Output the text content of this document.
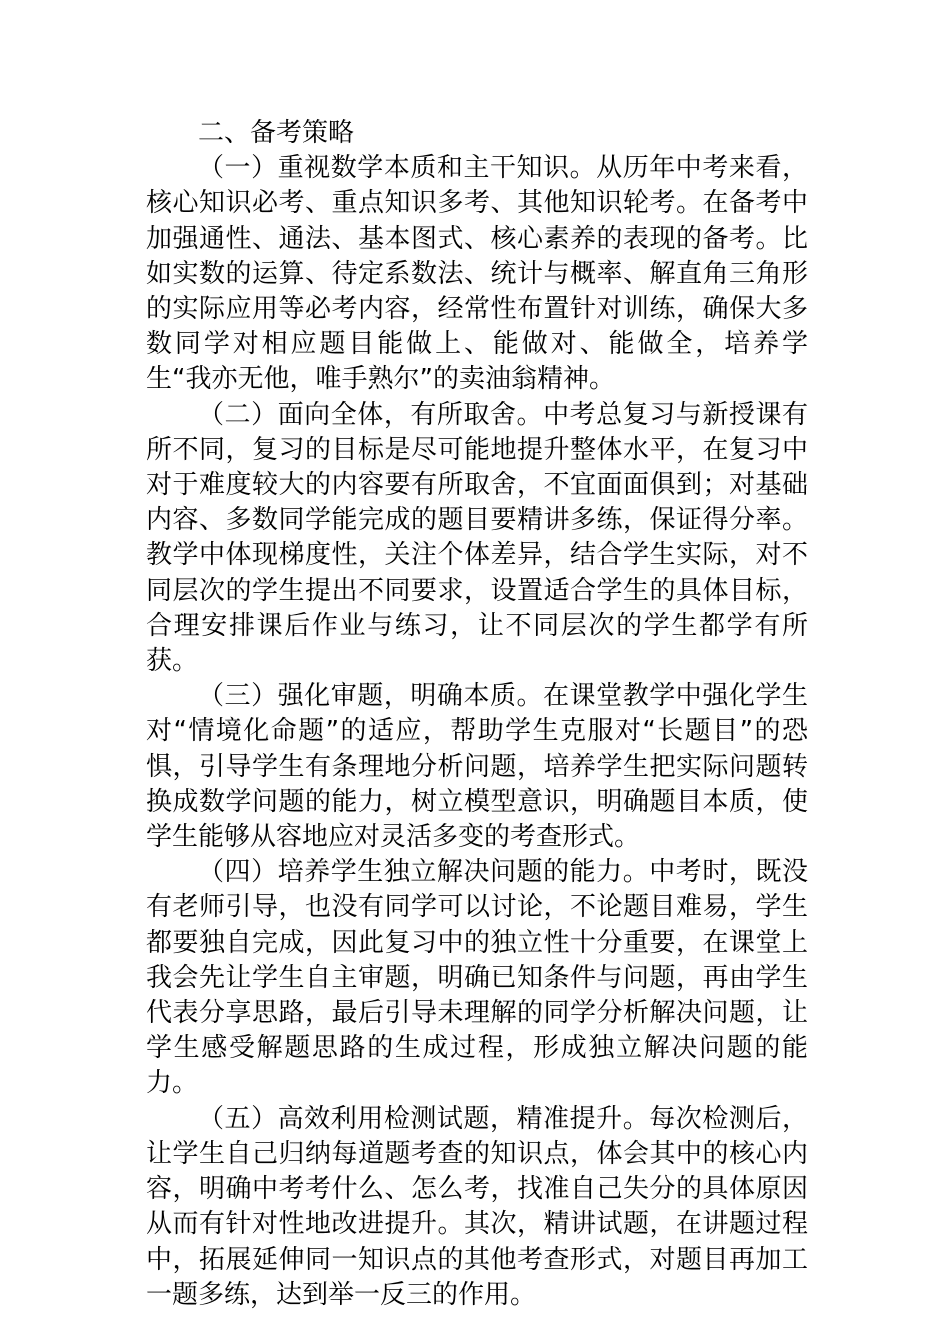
二、备考策略

（一）重视数学本质和主干知识。从历年中考来看，核心知识必考、重点知识多考、其他知识轮考。在备考中加强通性、通法、基本图式、核心素养的表现的备考。比如实数的运算、待定系数法、统计与概率、解直角三角形的实际应用等必考内容，经常性布置针对训练，确保大多数同学对相应题目能做上、能做对、能做全，培养学生“我亦无他，唯手熟尔”的卖油翁精神。

（二）面向全体，有所取舍。中考总复习与新授课有所不同，复习的目标是尽可能地提升整体水平，在复习中对于难度较大的内容要有所取舍，不宜面面俱到；对基础内容、多数同学能完成的题目要精讲多练，保证得分率。教学中体现梯度性，关注个体差异，结合学生实际，对不同层次的学生提出不同要求，设置适合学生的具体目标，合理安排课后作业与练习，让不同层次的学生都学有所获。

（三）强化审题，明确本质。在课堂教学中强化学生对“情境化命题”的适应，帮助学生克服对“长题目”的恐惧，引导学生有条理地分析问题，培养学生把实际问题转换成数学问题的能力，树立模型意识，明确题目本质，使学生能够从容地应对灵活多变的考查形式。

（四）培养学生独立解决问题的能力。中考时，既没有老师引导，也没有同学可以讨论，不论题目难易，学生都要独自完成，因此复习中的独立性十分重要，在课堂上我会先让学生自主审题，明确已知条件与问题，再由学生代表分享思路，最后引导未理解的同学分析解决问题，让学生感受解题思路的生成过程，形成独立解决问题的能力。

（五）高效利用检测试题，精准提升。每次检测后，让学生自己归纳每道题考查的知识点，体会其中的核心内容，明确中考考什么、怎么考，找准自己失分的具体原因从而有针对性地改进提升。其次，精讲试题，在讲题过程中，拓展延伸同一知识点的其他考查形式，对题目再加工一题多练，达到举一反三的作用。
